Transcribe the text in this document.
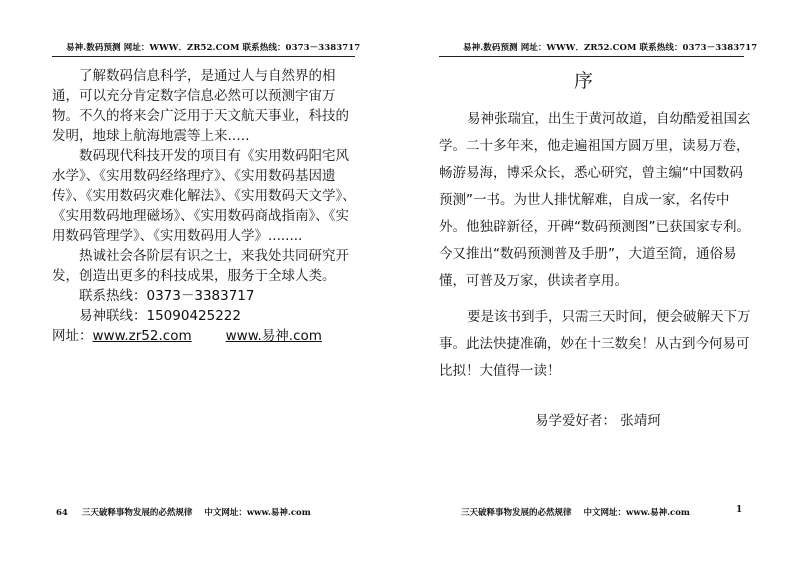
易神.数码预测 网址：WWW．ZR52.COM 联系热线：0373－3383717

了解数码信息科学，是通过人与自然界的相通，可以充分肯定数字信息必然可以预测宇宙万物。不久的将来会广泛用于天文航天事业，科技的发明，地球上航海地震等上来.….

数码现代科技开发的项目有《实用数码阳宅风水学》、《实用数码经络理疗》、《实用数码基因遗传》、《实用数码灾难化解法》、《实用数码天文学》、《实用数码地理磁场》、《实用数码商战指南》、《实用数码管理学》、《实用数码用人学》........

热诚社会各阶层有识之士，来我处共同研究开发，创造出更多的科技成果，服务于全球人类。

联系热线：0373－3383717

易神联线：15090425222

网址：www.zr52.com	www.易神.com
64 三天破释事物发展的必然规律 中文网址：www.易神.com
易神.数码预测 网址：WWW．ZR52.COM 联系热线：0373－3383717
序

易神张瑞宜，出生于黄河故道，自幼酷爱祖国玄学。二十多年来，他走遍祖国方圆万里，读易万卷，畅游易海，博采众长，悉心研究，曾主编“中国数码预测”一书。为世人排忧解难，自成一家，名传中外。他独辟新径，开碑“数码预测图”已获国家专利。今又推出“数码预测普及手册”，大道至简，通俗易懂，可普及万家，供读者享用。

要是该书到手，只需三天时间，便会破解天下万事。此法快捷准确，妙在十三数矣！从古到今何易可比拟！大值得一读！

易学爱好者： 张靖珂
三天破释事物发展的必然规律 中文网址：www.易神.com	1
